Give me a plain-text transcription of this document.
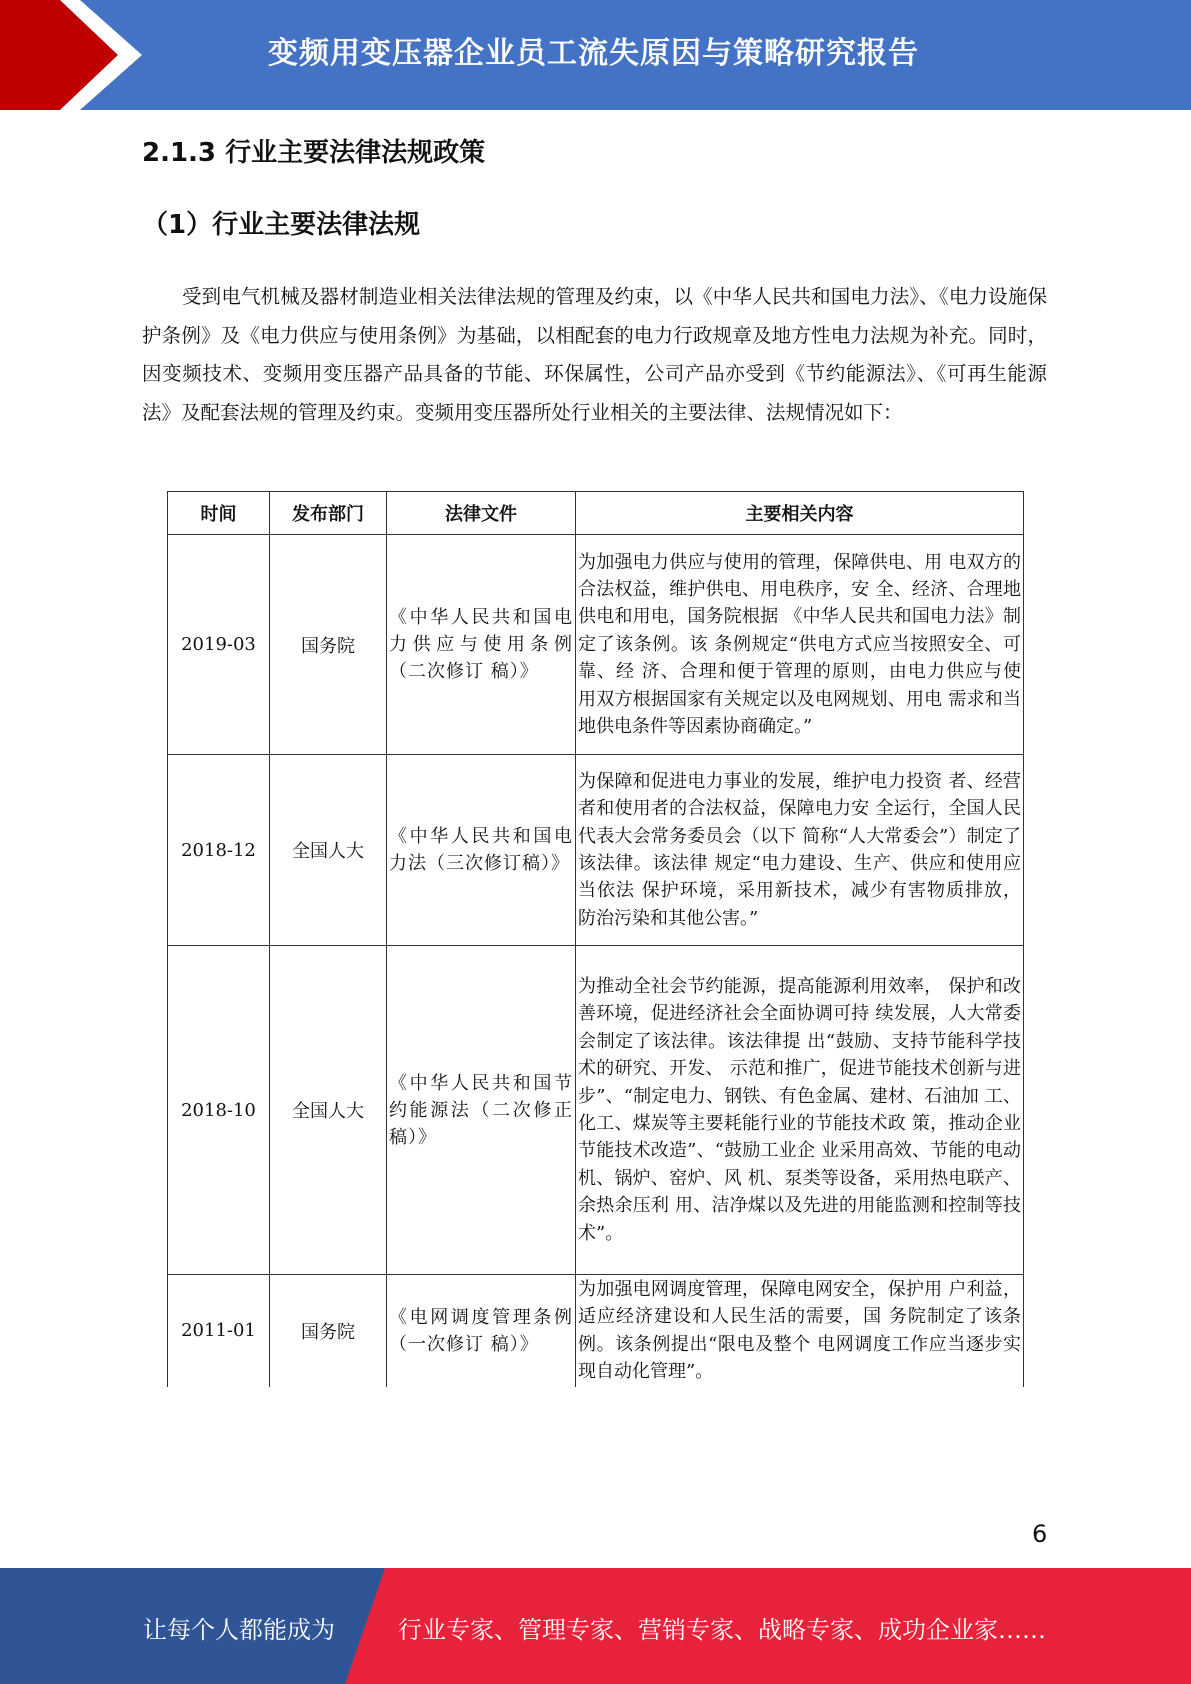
变频用变压器企业员工流失原因与策略研究报告
2.1.3 行业主要法律法规政策
（1）行业主要法律法规
受到电气机械及器材制造业相关法律法规的管理及约束，以《中华人民共和国电力法》、《电力设施保护条例》及《电力供应与使用条例》为基础，以相配套的电力行政规章及地方性电力法规为补充。同时，因变频技术、变频用变压器产品具备的节能、环保属性，公司产品亦受到《节约能源法》、《可再生能源法》及配套法规的管理及约束。变频用变压器所处行业相关的主要法律、法规情况如下：
时间	发布部门	法律文件	主要相关内容
2019-03	国务院	《中华人民共和国电力供应与使用条例（二次修订 稿）》	为加强电力供应与使用的管理，保障供电、用 电双方的合法权益，维护供电、用电秩序，安 全、经济、合理地供电和用电，国务院根据 《中华人民共和国电力法》制定了该条例。该 条例规定“供电方式应当按照安全、可靠、经 济、合理和便于管理的原则，由电力供应与使 用双方根据国家有关规定以及电网规划、用电 需求和当地供电条件等因素协商确定。”
2018-12	全国人大	《中华人民共和国电力法（三次修订稿）》	为保障和促进电力事业的发展，维护电力投资 者、经营者和使用者的合法权益，保障电力安 全运行，全国人民代表大会常务委员会（以下 简称“人大常委会”）制定了该法律。该法律 规定“电力建设、生产、供应和使用应当依法 保护环境，采用新技术，减少有害物质排放， 防治污染和其他公害。”
2018-10	全国人大	《中华人民共和国节约能源法（二次修正稿）》	为推动全社会节约能源，提高能源利用效率， 保护和改善环境，促进经济社会全面协调可持 续发展，人大常委会制定了该法律。该法律提 出“鼓励、支持节能科学技术的研究、开发、 示范和推广，促进节能技术创新与进步”、“制定电力、钢铁、有色金属、建材、石油加 工、化工、煤炭等主要耗能行业的节能技术政 策，推动企业节能技术改造”、“鼓励工业企 业采用高效、节能的电动机、锅炉、窑炉、风 机、泵类等设备，采用热电联产、余热余压利 用、洁净煤以及先进的用能监测和控制等技 术”。
2011-01	国务院	《电网调度管理条例（一次修订 稿）》	为加强电网调度管理，保障电网安全，保护用 户利益，适应经济建设和人民生活的需要，国 务院制定了该条例。该条例提出“限电及整个 电网调度工作应当逐步实现自动化管理”。
6
让每个人都能成为	行业专家、管理专家、营销专家、战略专家、成功企业家……
